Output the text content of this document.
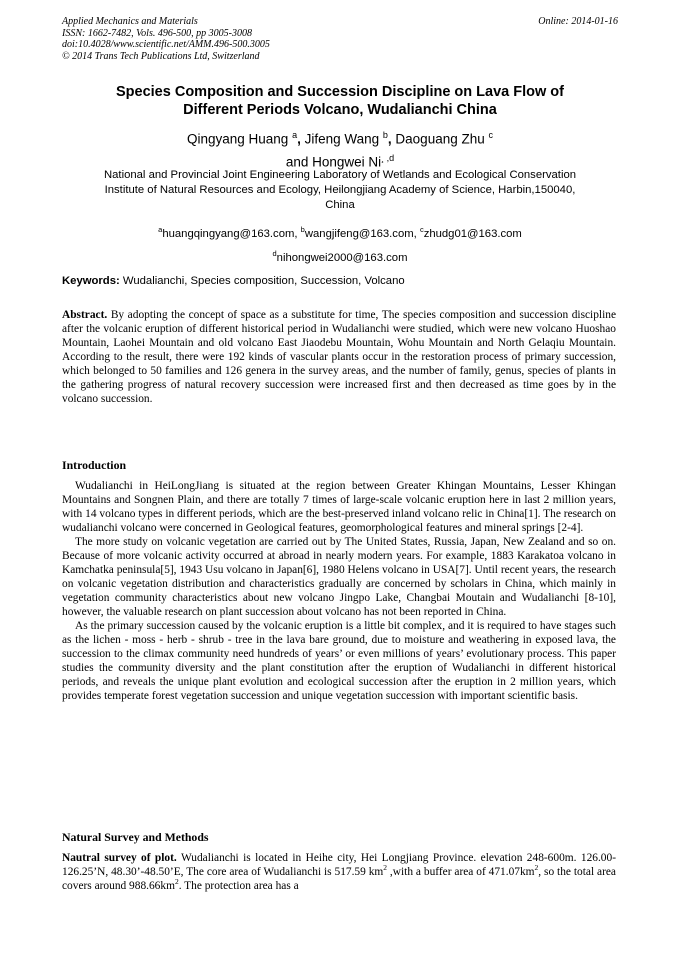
Applied Mechanics and Materials
ISSN: 1662-7482, Vols. 496-500, pp 3005-3008
doi:10.4028/www.scientific.net/AMM.496-500.3005
© 2014 Trans Tech Publications Ltd, Switzerland
Online: 2014-01-16
Species Composition and Succession Discipline on Lava Flow of
Different Periods Volcano, Wudalianchi China
Qingyang Huang $^a$, Jifeng Wang $^b$, Daoguang Zhu $^c$
and Hongwei $Ni^{¸ ,d}$
National and Provincial Joint Engineering Laboratory of Wetlands and Ecological Conservation
Institute of Natural Resources and Ecology, Heilongjiang Academy of Science, Harbin,150040,
China
$^a$huangqingyang@163.com, $^b$wangjifeng@163.com, $^c$zhudg01@163.com
$^d$nihongwei2000@163.com
Keywords: Wudalianchi, Species composition, Succession, Volcano

Abstract. By adopting the concept of space as a substitute for time, The species composition and succession discipline after the volcanic eruption of different historical period in Wudalianchi were studied, which were new volcano Huoshao Mountain, Laohei Mountain and old volcano East Jiaodebu Mountain, Wohu Mountain and North Gelaqiu Mountain. According to the result, there were 192 kinds of vascular plants occur in the restoration process of primary succession, which belonged to 50 families and 126 genera in the survey areas, and the number of family, genus, species of plants in the gathering progress of natural recovery succession were increased first and then decreased as time goes by in the volcano succession.

Introduction

Wudalianchi in HeiLongJiang is situated at the region between Greater Khingan Mountains, Lesser Khingan Mountains and Songnen Plain, and there are totally 7 times of large-scale volcanic eruption here in last 2 million years, with 14 volcano types in different periods, which are the best-preserved inland volcano relic in China[1]. The research on wudalianchi volcano were concerned in Geological features, geomorphological features and mineral springs [2-4].

The more study on volcanic vegetation are carried out by The United States, Russia, Japan, New Zealand and so on. Because of more volcanic activity occurred at abroad in nearly modern years. For example, 1883 Karakatoa volcano in Kamchatka peninsula[5], 1943 Usu volcano in Japan[6], 1980 Helens volcano in USA[7]. Until recent years, the research on volcanic vegetation distribution and characteristics gradually are concerned by scholars in China, which mainly in vegetation community characteristics about new volcano Jingpo Lake, Changbai Moutain and Wudalianchi [8-10], however, the valuable research on plant succession about volcano has not been reported in China.

As the primary succession caused by the volcanic eruption is a little bit complex, and it is required to have stages such as the lichen - moss - herb - shrub - tree in the lava bare ground, due to moisture and weathering in exposed lava, the succession to the climax community need hundreds of years’ or even millions of years’ evolutionary process. This paper studies the community diversity and the plant constitution after the eruption of Wudalianchi in different historical periods, and reveals the unique plant evolution and ecological succession after the eruption in 2 million years, which provides temperate forest vegetation succession and unique vegetation succession with important scientific basis.

Natural Survey and Methods

Nautral survey of plot. Wudalianchi is located in Heihe city, Hei Longjiang Province. elevation 248-600m. 126.00-126.25’N, 48.30’-48.50’E, The core area of Wudalianchi is 517.59 $km^2$ ,with a buffer area of $471.07km^2$, so the total area covers around $988.66km^2$. The protection area has a
